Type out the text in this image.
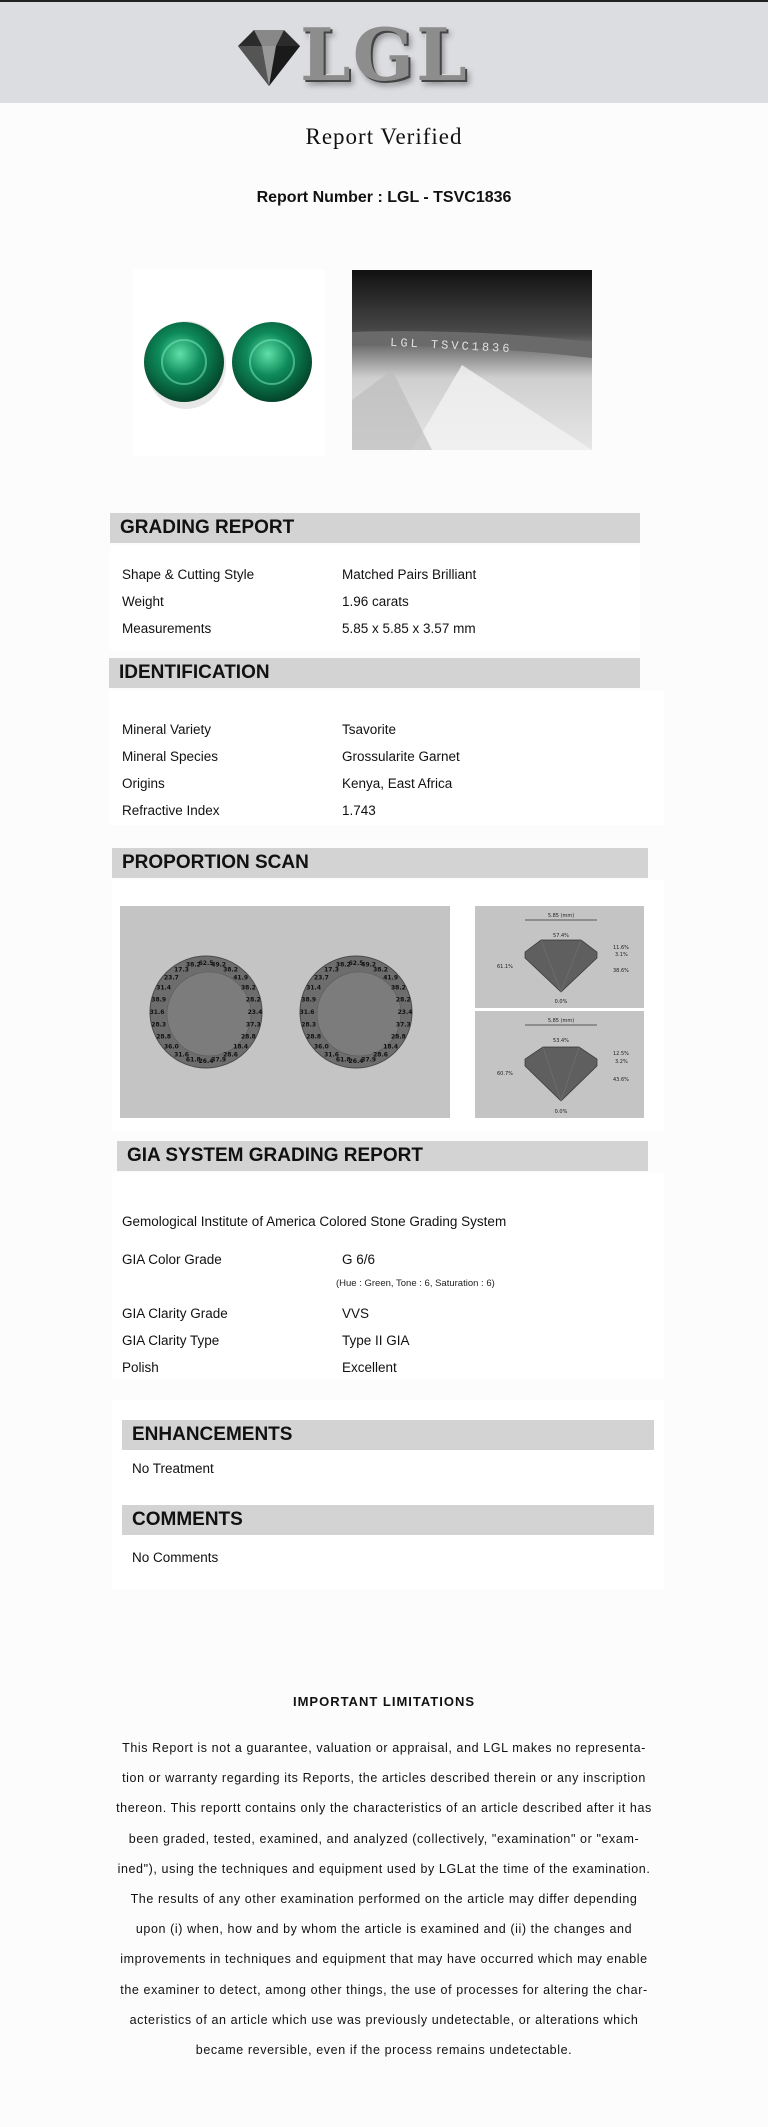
LGL
Report Verified
Report Number : LGL - TSVC1836
LGL TSVC1836
GRADING REPORT
Shape & Cutting Style	Matched Pairs Brilliant
Weight	1.96 carats
Measurements	5.85 x 5.85 x 3.57 mm
IDENTIFICATION
Mineral Variety	Tsavorite
Mineral Species	Grossularite Garnet
Origins	Kenya, East Africa
Refractive Index	1.743
PROPORTION SCAN
62.5
49.2
38.2
41.9
38.2
28.2
23.4
37.3
28.8
18.4
28.6
37.9
26.4
61.8
31.6
36.0
28.8
28.3
31.6
38.9
31.4
23.7
17.3
38.2	62.5
49.2
38.2
41.9
38.2
28.2
23.4
37.3
28.8
18.4
28.6
37.9
26.4
61.8
31.6
36.0
28.8
28.3
31.6
38.9
31.4
23.7
17.3
38.2
5.85 (mm)
57.4%
61.1%
11.6%
3.1%
38.6%
0.0%
5.85 (mm)
53.4%
60.7%
12.5%
3.2%
43.6%
0.0%
GIA SYSTEM GRADING REPORT
Gemological Institute of America Colored Stone Grading System
GIA Color Grade	G 6/6
(Hue : Green, Tone : 6, Saturation : 6)
GIA Clarity Grade	VVS
GIA Clarity Type	Type II GIA
Polish	Excellent
ENHANCEMENTS
No Treatment
COMMENTS
No Comments
IMPORTANT LIMITATIONS
This Report is not a guarantee, valuation or appraisal, and LGL makes no representa-tion or warranty regarding its Reports, the articles described therein or any inscription thereon. This reportt contains only the characteristics of an article described after it has been graded, tested, examined, and analyzed (collectively, "examination" or "exam-ined"), using the techniques and equipment used by LGLat the time of the examination. The results of any other examination performed on the article may differ depending upon (i) when, how and by whom the article is examined and (ii) the changes and improvements in techniques and equipment that may have occurred which may enable the examiner to detect, among other things, the use of processes for altering the char-acteristics of an article which use was previously undetectable, or alterations which became reversible, even if the process remains undetectable.
